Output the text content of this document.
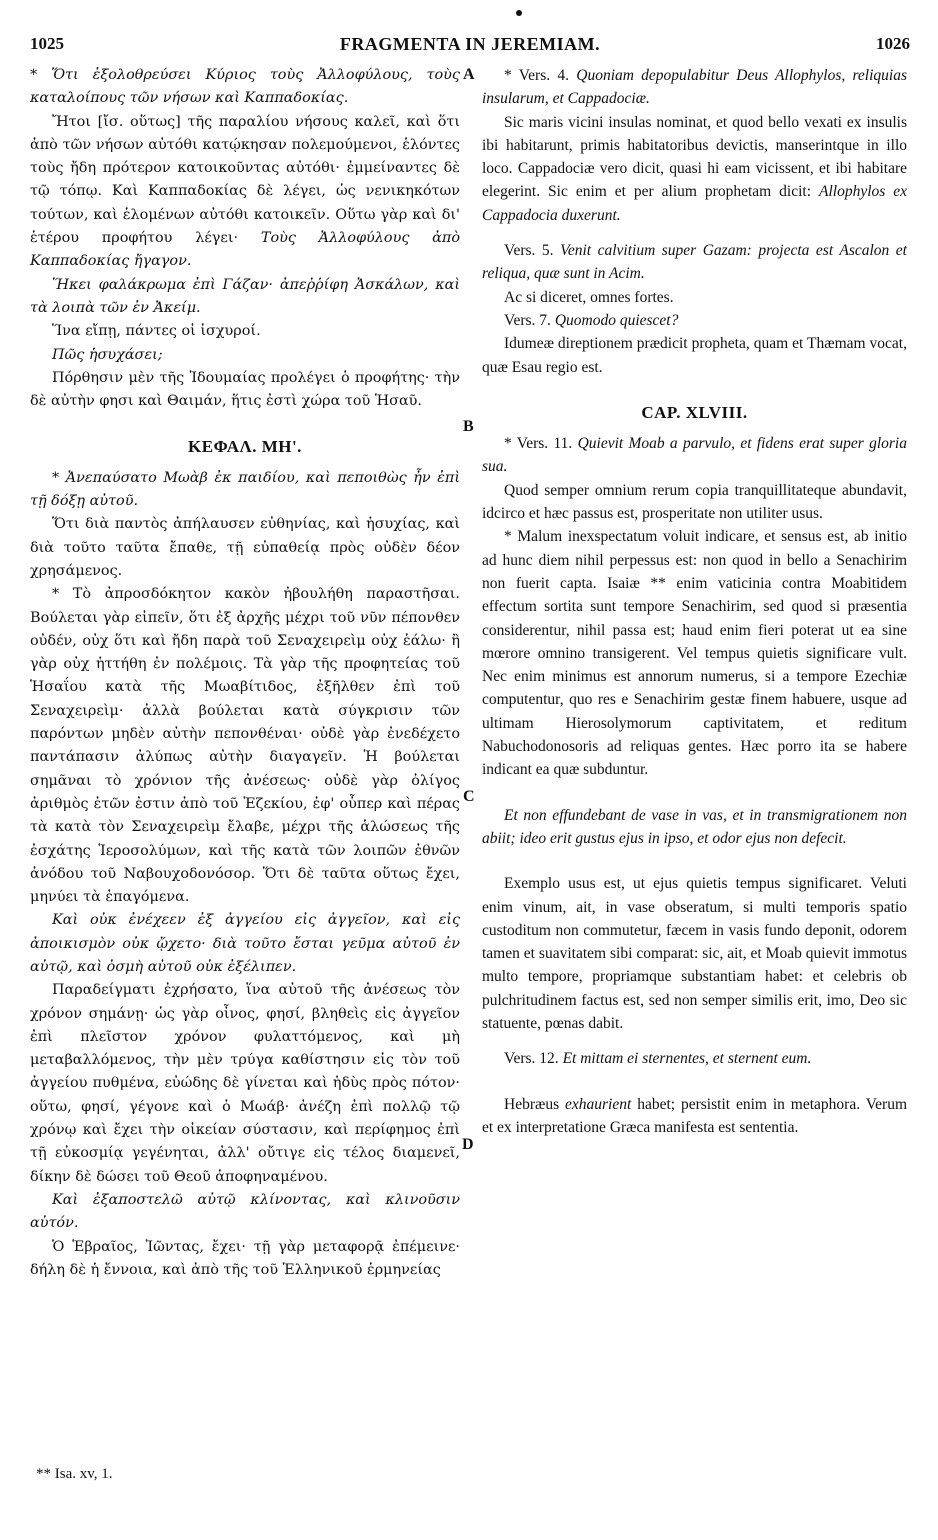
1025	FRAGMENTA IN JEREMIAM.	1026
A
B
C
D

* Ὅτι ἐξολοθρεύσει Κύριος τοὺς Ἀλλοφύλους, τοὺς καταλοίπους τῶν νήσων καὶ Καππαδοκίας.

Ἤτοι [ἴσ. οὕτως] τῆς παραλίου νήσους καλεῖ, καὶ ὅτι ἀπὸ τῶν νήσων αὐτόθι κατῴκησαν πολεμούμενοι, ἑλόντες τοὺς ἤδη πρότερον κατοικοῦντας αὐτόθι· ἐμμείναντες δὲ τῷ τόπῳ. Καὶ Καππαδοκίας δὲ λέγει, ὡς νενικηκότων τούτων, καὶ ἑλομένων αὐτόθι κατοικεῖν. Οὕτω γὰρ καὶ δι' ἑτέρου προφήτου λέγει· Τοὺς Ἀλλοφύλους ἀπὸ Καππαδοκίας ἤγαγον.

Ἥκει φαλάκρωμα ἐπὶ Γάζαν· ἀπεῤῥίφη Ἀσκάλων, καὶ τὰ λοιπὰ τῶν ἐν Ἀκείμ.

Ἵνα εἴπῃ, πάντες οἱ ἰσχυροί.

Πῶς ἡσυχάσει;

Πόρθησιν μὲν τῆς Ἰδουμαίας προλέγει ὁ προφήτης· τὴν δὲ αὐτὴν φησι καὶ Θαιμάν, ἥτις ἐστὶ χώρα τοῦ Ἡσαῦ.

ΚΕΦΑΛ. ΜΗ'.

* Ἀνεπαύσατο Μωὰβ ἐκ παιδίου, καὶ πεποιθὼς ἦν ἐπὶ τῇ δόξῃ αὐτοῦ.

Ὅτι διὰ παντὸς ἀπήλαυσεν εὐθηνίας, καὶ ἡσυχίας, καὶ διὰ τοῦτο ταῦτα ἔπαθε, τῇ εὐπαθείᾳ πρὸς οὐδὲν δέον χρησάμενος.

* Τὸ ἀπροσδόκητον κακὸν ἠβουλήθη παραστῆσαι. Βούλεται γὰρ εἰπεῖν, ὅτι ἐξ ἀρχῆς μέχρι τοῦ νῦν πέπονθεν οὐδέν, οὐχ ὅτι καὶ ἤδη παρὰ τοῦ Σεναχειρεὶμ οὐχ ἑάλω· ἢ γὰρ οὐχ ἡττήθη ἐν πολέμοις. Τὰ γὰρ τῆς προφητείας τοῦ Ἡσαΐου κατὰ τῆς Μωαβίτιδος, ἐξῆλθεν ἐπὶ τοῦ Σεναχειρεὶμ· ἀλλὰ βούλεται κατὰ σύγκρισιν τῶν παρόντων μηδὲν αὐτὴν πεπονθέναι· οὐδὲ γὰρ ἐνεδέχετο παντάπασιν ἀλύπως αὐτὴν διαγαγεῖν. Ἡ βούλεται σημᾶναι τὸ χρόνιον τῆς ἀνέσεως· οὐδὲ γὰρ ὀλίγος ἀριθμὸς ἐτῶν ἐστιν ἀπὸ τοῦ Ἐζεκίου, ἐφ' οὗπερ καὶ πέρας τὰ κατὰ τὸν Σεναχειρεὶμ ἔλαβε, μέχρι τῆς ἁλώσεως τῆς ἐσχάτης Ἱεροσολύμων, καὶ τῆς κατὰ τῶν λοιπῶν ἐθνῶν ἀνόδου τοῦ Ναβουχοδονόσορ. Ὅτι δὲ ταῦτα οὕτως ἔχει, μηνύει τὰ ἐπαγόμενα.

Καὶ οὐκ ἐνέχεεν ἐξ ἀγγείου εἰς ἀγγεῖον, καὶ εἰς ἀποικισμὸν οὐκ ᾤχετο· διὰ τοῦτο ἔσται γεῦμα αὐτοῦ ἐν αὐτῷ, καὶ ὀσμὴ αὐτοῦ οὐκ ἐξέλιπεν.

Παραδείγματι ἐχρήσατο, ἵνα αὐτοῦ τῆς ἀνέσεως τὸν χρόνον σημάνῃ· ὡς γὰρ οἶνος, φησί, βληθεὶς εἰς ἀγγεῖον ἐπὶ πλεῖστον χρόνον φυλαττόμενος, καὶ μὴ μεταβαλλόμενος, τὴν μὲν τρύγα καθίστησιν εἰς τὸν τοῦ ἀγγείου πυθμένα, εὐώδης δὲ γίνεται καὶ ἡδὺς πρὸς πότον· οὕτω, φησί, γέγονε καὶ ὁ Μωάβ· ἀνέζη ἐπὶ πολλῷ τῷ χρόνῳ καὶ ἔχει τὴν οἰκείαν σύστασιν, καὶ περίφημος ἐπὶ τῇ εὐκοσμίᾳ γεγένηται, ἀλλ' οὔτιγε εἰς τέλος διαμενεῖ, δίκην δὲ δώσει τοῦ Θεοῦ ἀποφηναμένου.

Καὶ ἐξαποστελῶ αὐτῷ κλίνοντας, καὶ κλινοῦσιν αὐτόν.

Ὁ Ἑβραῖος, Ἰῶντας, ἔχει· τῇ γὰρ μεταφορᾷ ἐπέμεινε· δήλη δὲ ἡ ἔννοια, καὶ ἀπὸ τῆς τοῦ Ἑλληνικοῦ ἑρμηνείας

* Vers. 4. Quoniam depopulabitur Deus Allophylos, reliquias insularum, et Cappadociæ.

Sic maris vicini insulas nominat, et quod bello vexati ex insulis ibi habitarunt, primis habitatoribus devictis, manserintque in illo loco. Cappadociæ vero dicit, quasi hi eam vicissent, et ibi habitare elegerint. Sic enim et per alium prophetam dicit: Allophylos ex Cappadocia duxerunt.

Vers. 5. Venit calvitium super Gazam: projecta est Ascalon et reliqua, quæ sunt in Acim.

Ac si diceret, omnes fortes.

Vers. 7. Quomodo quiescet?

Idumeæ direptionem prædicit propheta, quam et Thæmam vocat, quæ Esau regio est.

CAP. XLVIII.

* Vers. 11. Quievit Moab a parvulo, et fidens erat super gloria sua.

Quod semper omnium rerum copia tranquillitateque abundavit, idcirco et hæc passus est, prosperitate non utiliter usus.

* Malum inexspectatum voluit indicare, et sensus est, ab initio ad hunc diem nihil perpessus est: non quod in bello a Senachirim non fuerit capta. Isaiæ ** enim vaticinia contra Moabitidem effectum sortita sunt tempore Senachirim, sed quod si præsentia considerentur, nihil passa est; haud enim fieri poterat ut ea sine mœrore omnino transigerent. Vel tempus quietis significare vult. Nec enim minimus est annorum numerus, si a tempore Ezechiæ computentur, quo res e Senachirim gestæ finem habuere, usque ad ultimam Hierosolymorum captivitatem, et reditum Nabuchodonosoris ad reliquas gentes. Hæc porro ita se habere indicant ea quæ subduntur.

Et non effundebant de vase in vas, et in transmigrationem non abiit; ideo erit gustus ejus in ipso, et odor ejus non defecit.

Exemplo usus est, ut ejus quietis tempus significaret. Veluti enim vinum, ait, in vase obseratum, si multi temporis spatio custoditum non commutetur, fæcem in vasis fundo deponit, odorem tamen et suavitatem sibi comparat: sic, ait, et Moab quievit immotus multo tempore, propriamque substantiam habet: et celebris ob pulchritudinem factus est, sed non semper similis erit, imo, Deo sic statuente, pœnas dabit.

Vers. 12. Et mittam ei sternentes, et sternent eum.

Hebræus exhaurient habet; persistit enim in metaphora. Verum et ex interpretatione Græca manifesta est sententia.

** Isa. xv, 1.
